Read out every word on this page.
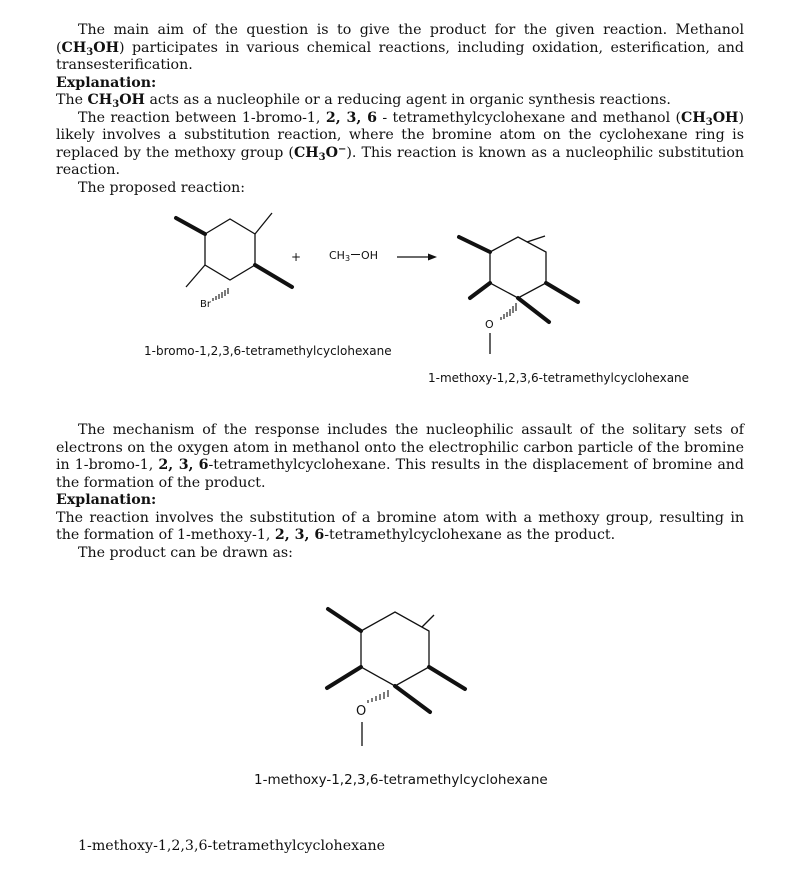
The main aim of the question is to give the product for the given reaction. Methanol $(CH_3OH)$ participates in various chemical reactions, including oxidation, esterification, and transesterification.

Explanation:

The $CH_3OH$ acts as a nucleophile or a reducing agent in organic synthesis reactions.

The reaction between 1-bromo-1, 2, 3, 6 - tetramethylcyclohexane and methanol $(CH_3OH)$ likely involves a substitution reaction, where the bromine atom on the cyclohexane ring is replaced by the methoxy group $(CH_3O^-)$. This reaction is known as a nucleophilic substitution reaction.

The proposed reaction:

Br
+	$CH_3$ OH
O
1-bromo-1,2,3,6-tetramethylcyclohexane
1-methoxy-1,2,3,6-tetramethylcyclohexane

The mechanism of the response includes the nucleophilic assault of the solitary sets of electrons on the oxygen atom in methanol onto the electrophilic carbon particle of the bromine in 1-bromo-1, 2, 3, 6-tetramethylcyclohexane. This results in the displacement of bromine and the formation of the product.

Explanation:

The reaction involves the substitution of a bromine atom with a methoxy group, resulting in the formation of 1-methoxy-1, 2, 3, 6-tetramethylcyclohexane as the product.

The product can be drawn as:

O
1-methoxy-1,2,3,6-tetramethylcyclohexane
1-methoxy-1,2,3,6-tetramethylcyclohexane
